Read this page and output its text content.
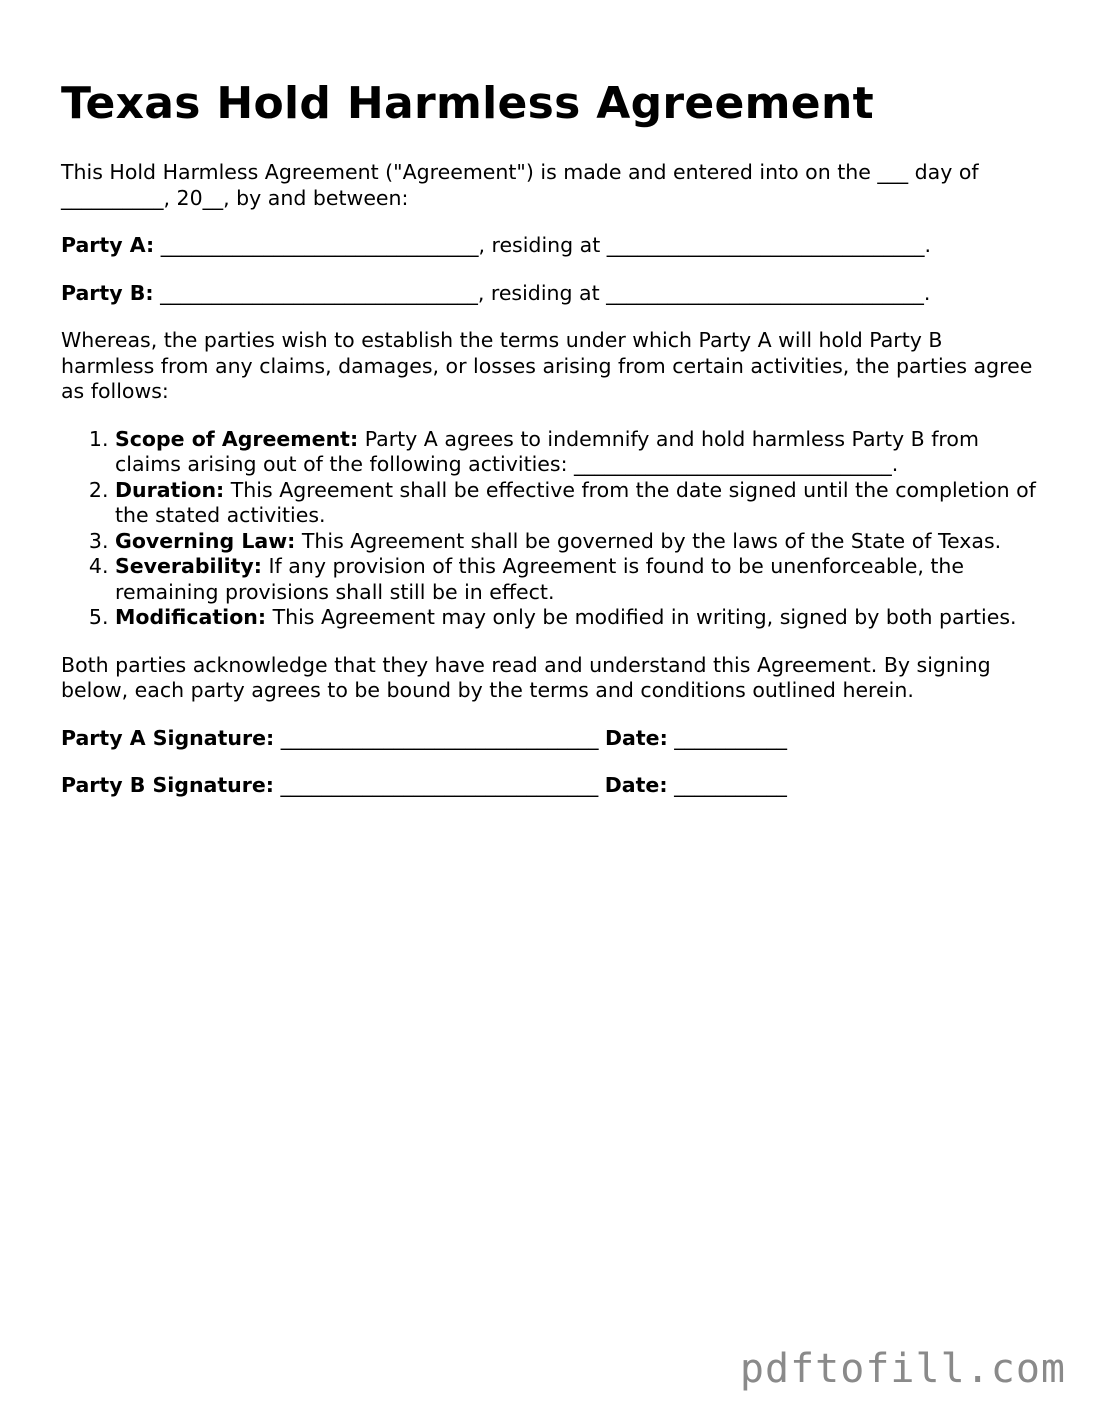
Texas Hold Harmless Agreement

This Hold Harmless Agreement ("Agreement") is made and entered into on the ___ day of __________, 20__, by and between:

Party A: _______________________________, residing at _______________________________.
Party B: _______________________________, residing at _______________________________.

Whereas, the parties wish to establish the terms under which Party A will hold Party B harmless from any claims, damages, or losses arising from certain activities, the parties agree as follows:

1. Scope of Agreement: Party A agrees to indemnify and hold harmless Party B from claims arising out of the following activities: _______________________________.
2. Duration: This Agreement shall be effective from the date signed until the completion of the stated activities.
3. Governing Law: This Agreement shall be governed by the laws of the State of Texas.
4. Severability: If any provision of this Agreement is found to be unenforceable, the remaining provisions shall still be in effect.
5. Modification: This Agreement may only be modified in writing, signed by both parties.

Both parties acknowledge that they have read and understand this Agreement. By signing below, each party agrees to be bound by the terms and conditions outlined herein.

Party A Signature: _______________________________ Date: ___________
Party B Signature: _______________________________ Date: ___________
pdftofill.com
